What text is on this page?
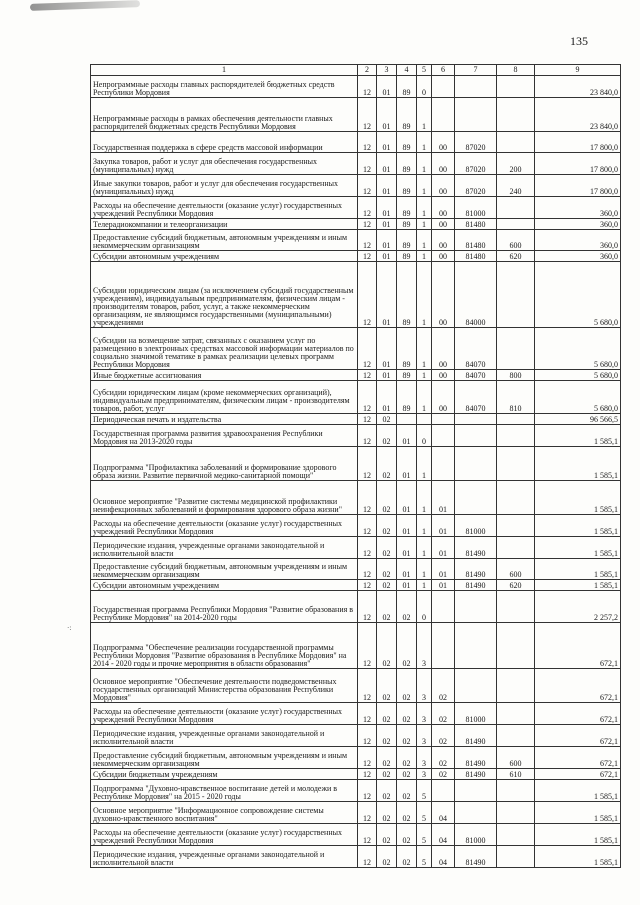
135
1	2	3	4	5	6	7	8	9
Непрограммные расходы главных распорядителей бюджетных средств Республики Мордовия	12	01	89	0				23 840,0
Непрограммные расходы в рамках обеспечения деятельности главных распорядителей бюджетных средств Республики Мордовия	12	01	89	1				23 840,0
Государственная поддержка в сфере средств массовой информации	12	01	89	1	00	87020		17 800,0
Закупка товаров, работ и услуг для обеспечения государственных (муниципальных) нужд	12	01	89	1	00	87020	200	17 800,0
Иные закупки товаров, работ и услуг для обеспечения государственных (муниципальных) нужд	12	01	89	1	00	87020	240	17 800,0
Расходы на обеспечение деятельности (оказание услуг) государственных учреждений Республики Мордовия	12	01	89	1	00	81000		360,0
Телерадиокомпании и телеорганизации	12	01	89	1	00	81480		360,0
Предоставление субсидий бюджетным, автономным учреждениям и иным некоммерческим организациям	12	01	89	1	00	81480	600	360,0
Субсидии автономным учреждениям	12	01	89	1	00	81480	620	360,0
Субсидии юридическим лицам (за исключением субсидий государственным учреждениям), индивидуальным предпринимателям, физическим лицам - производителям товаров, работ, услуг, а также некоммерческим организациям, не являющимся государственными (муниципальными) учреждениями	12	01	89	1	00	84000		5 680,0
Субсидии на возмещение затрат, связанных с оказанием услуг по размещению в электронных средствах массовой информации материалов по социально значимой тематике в рамках реализации целевых программ Республики Мордовия	12	01	89	1	00	84070		5 680,0
Иные бюджетные ассигнования	12	01	89	1	00	84070	800	5 680,0
Субсидии юридическим лицам (кроме некоммерческих организаций), индивидуальным предпринимателям, физическим лицам - производителям товаров, работ, услуг	12	01	89	1	00	84070	810	5 680,0
Периодическая печать и издательства	12	02						96 566,5
Государственная программа развития здравоохранения Республики Мордовия на 2013-2020 годы	12	02	01	0				1 585,1
Подпрограмма "Профилактика заболеваний и формирование здорового образа жизни. Развитие первичной медико-санитарной помощи"	12	02	01	1				1 585,1
Основное мероприятие "Развитие системы медицинской профилактики неинфекционных заболеваний и формирования здорового образа жизни"	12	02	01	1	01			1 585,1
Расходы на обеспечение деятельности (оказание услуг) государственных учреждений Республики Мордовия	12	02	01	1	01	81000		1 585,1
Периодические издания, учрежденные органами законодательной и исполнительной власти	12	02	01	1	01	81490		1 585,1
Предоставление субсидий бюджетным, автономным учреждениям и иным некоммерческим организациям	12	02	01	1	01	81490	600	1 585,1
Субсидии автономным учреждениям	12	02	01	1	01	81490	620	1 585,1
Государственная программа Республики Мордовия "Развитие образования в Республике Мордовия" на 2014-2020 годы	12	02	02	0				2 257,2
Подпрограмма "Обеспечение реализации государственной программы Республики Мордовия "Развитие образования в Республике Мордовия" на 2014 - 2020 годы и прочие мероприятия в области образования"	12	02	02	3				672,1
Основное мероприятие "Обеспечение деятельности подведомственных государственных организаций Министерства образования Республики Мордовия"	12	02	02	3	02			672,1
Расходы на обеспечение деятельности (оказание услуг) государственных учреждений Республики Мордовия	12	02	02	3	02	81000		672,1
Периодические издания, учрежденные органами законодательной и исполнительной власти	12	02	02	3	02	81490		672,1
Предоставление субсидий бюджетным, автономным учреждениям и иным некоммерческим организациям	12	02	02	3	02	81490	600	672,1
Субсидии бюджетным учреждениям	12	02	02	3	02	81490	610	672,1
Подпрограмма "Духовно-нравственное воспитание детей и молодежи в Республике Мордовия" на 2015 - 2020 годы	12	02	02	5				1 585,1
Основное мероприятие "Информационное сопровождение системы духовно-нравственного воспитания"	12	02	02	5	04			1 585,1
Расходы на обеспечение деятельности (оказание услуг) государственных учреждений Республики Мордовия	12	02	02	5	04	81000		1 585,1
Периодические издания, учрежденные органами законодательной и исполнительной власти	12	02	02	5	04	81490		1 585,1
·:
